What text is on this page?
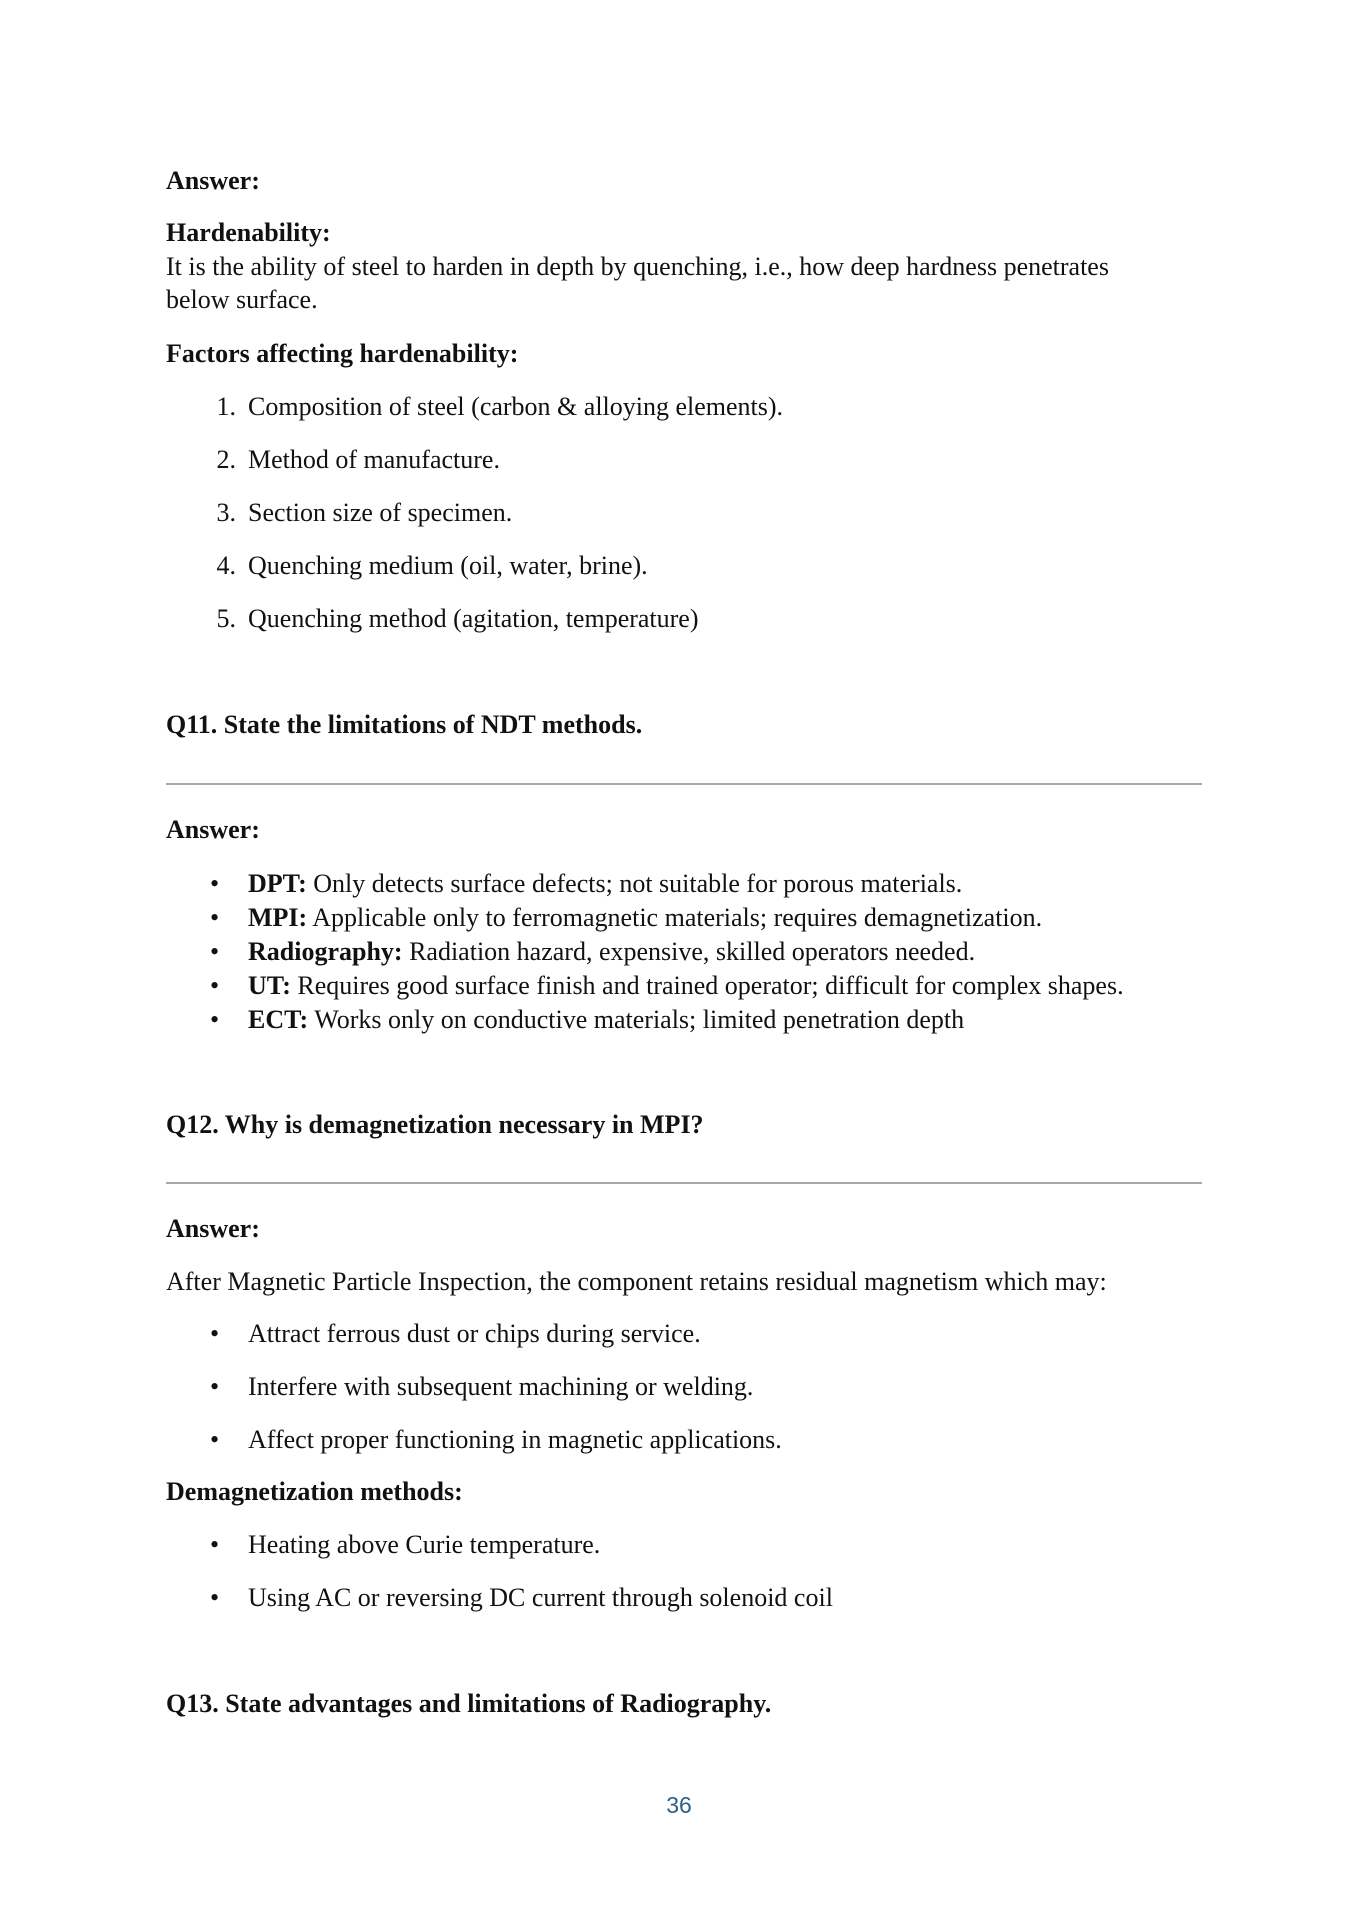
Answer:
Hardenability:
It is the ability of steel to harden in depth by quenching, i.e., how deep hardness penetrates
below surface.
Factors affecting hardenability:
1. Composition of steel (carbon & alloying elements).
2. Method of manufacture.
3. Section size of specimen.
4. Quenching medium (oil, water, brine).
5. Quenching method (agitation, temperature)
Q11. State the limitations of NDT methods.
Answer:
• DPT: Only detects surface defects; not suitable for porous materials.
• MPI: Applicable only to ferromagnetic materials; requires demagnetization.
• Radiography: Radiation hazard, expensive, skilled operators needed.
• UT: Requires good surface finish and trained operator; difficult for complex shapes.
• ECT: Works only on conductive materials; limited penetration depth
Q12. Why is demagnetization necessary in MPI?
Answer:
After Magnetic Particle Inspection, the component retains residual magnetism which may:
• Attract ferrous dust or chips during service.
• Interfere with subsequent machining or welding.
• Affect proper functioning in magnetic applications.
Demagnetization methods:
• Heating above Curie temperature.
• Using AC or reversing DC current through solenoid coil
Q13. State advantages and limitations of Radiography.
36
